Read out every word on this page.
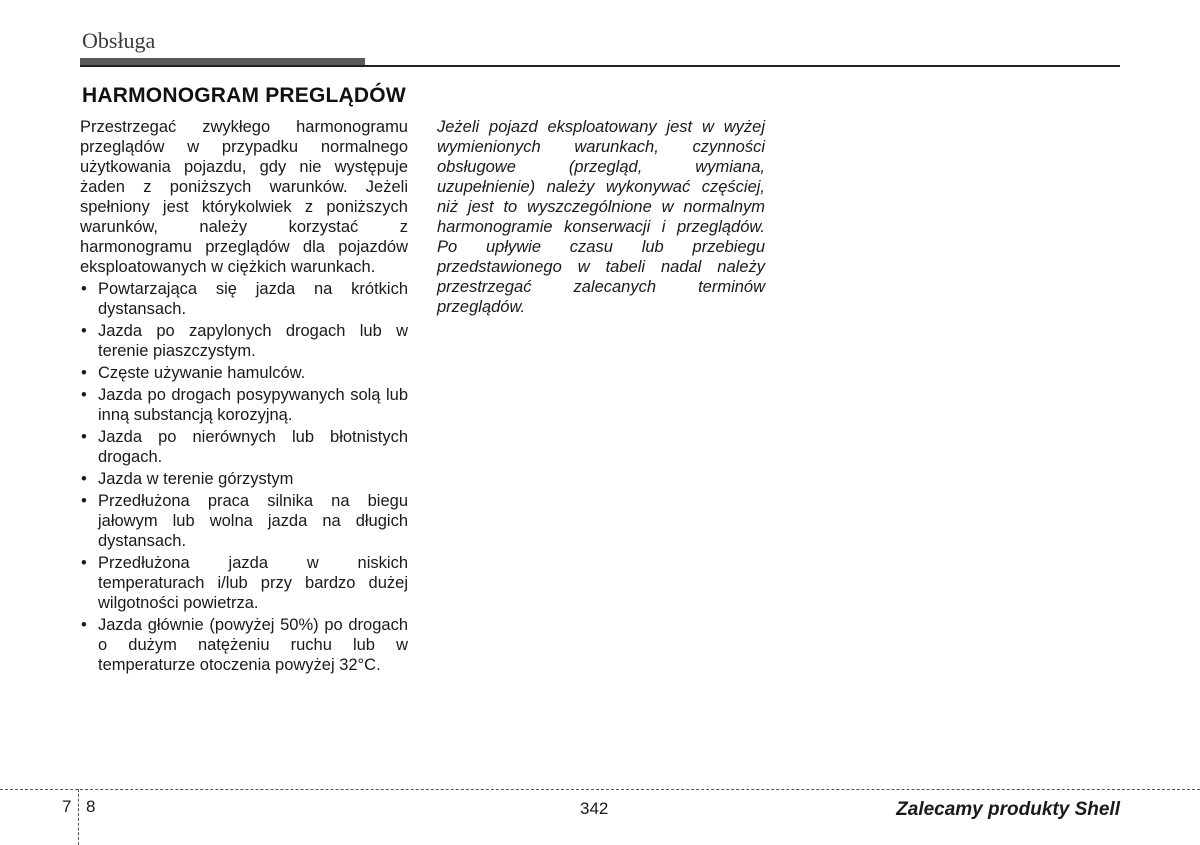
Obsługa
HARMONOGRAM PREGLĄDÓW

Przestrzegać zwykłego harmonogramu przeglądów w przypadku normalnego użytkowania pojazdu, gdy nie występuje żaden z poniższych warunków. Jeżeli spełniony jest którykolwiek z poniższych warunków, należy korzystać z harmonogramu przeglądów dla pojazdów eksploatowanych w ciężkich warunkach.

• Powtarzająca się jazda na krótkich dystansach.
• Jazda po zapylonych drogach lub w terenie piaszczystym.
• Częste używanie hamulców.
• Jazda po drogach posypywanych solą lub inną substancją korozyjną.
• Jazda po nierównych lub błotnistych drogach.
• Jazda w terenie górzystym
• Przedłużona praca silnika na biegu jałowym lub wolna jazda na długich dystansach.
• Przedłużona jazda w niskich temperaturach i/lub przy bardzo dużej wilgotności powietrza.
• Jazda głównie (powyżej 50%) po drogach o dużym natężeniu ruchu lub w temperaturze otoczenia powyżej 32°C.

Jeżeli pojazd eksploatowany jest w wyżej wymienionych warunkach, czynności obsługowe (przegląd, wymiana, uzupełnienie) należy wykonywać częściej, niż jest to wyszczególnione w normalnym harmonogramie konserwacji i przeglądów. Po upływie czasu lub przebiegu przedstawionego w tabeli nadal należy przestrzegać zalecanych terminów przeglądów.

7 8	342	Zalecamy produkty Shell
